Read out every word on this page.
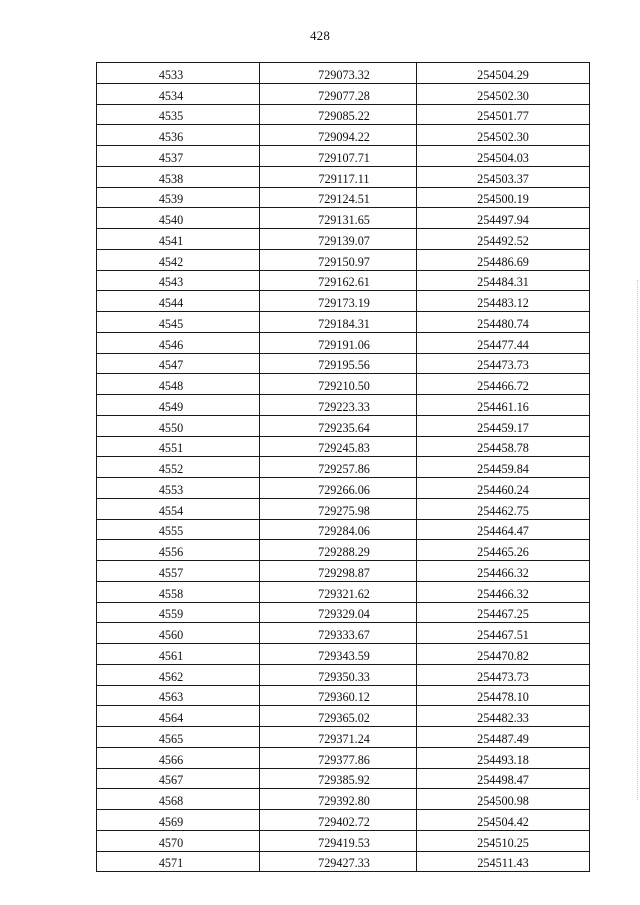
428
4533	729073.32	254504.29
4534	729077.28	254502.30
4535	729085.22	254501.77
4536	729094.22	254502.30
4537	729107.71	254504.03
4538	729117.11	254503.37
4539	729124.51	254500.19
4540	729131.65	254497.94
4541	729139.07	254492.52
4542	729150.97	254486.69
4543	729162.61	254484.31
4544	729173.19	254483.12
4545	729184.31	254480.74
4546	729191.06	254477.44
4547	729195.56	254473.73
4548	729210.50	254466.72
4549	729223.33	254461.16
4550	729235.64	254459.17
4551	729245.83	254458.78
4552	729257.86	254459.84
4553	729266.06	254460.24
4554	729275.98	254462.75
4555	729284.06	254464.47
4556	729288.29	254465.26
4557	729298.87	254466.32
4558	729321.62	254466.32
4559	729329.04	254467.25
4560	729333.67	254467.51
4561	729343.59	254470.82
4562	729350.33	254473.73
4563	729360.12	254478.10
4564	729365.02	254482.33
4565	729371.24	254487.49
4566	729377.86	254493.18
4567	729385.92	254498.47
4568	729392.80	254500.98
4569	729402.72	254504.42
4570	729419.53	254510.25
4571	729427.33	254511.43
